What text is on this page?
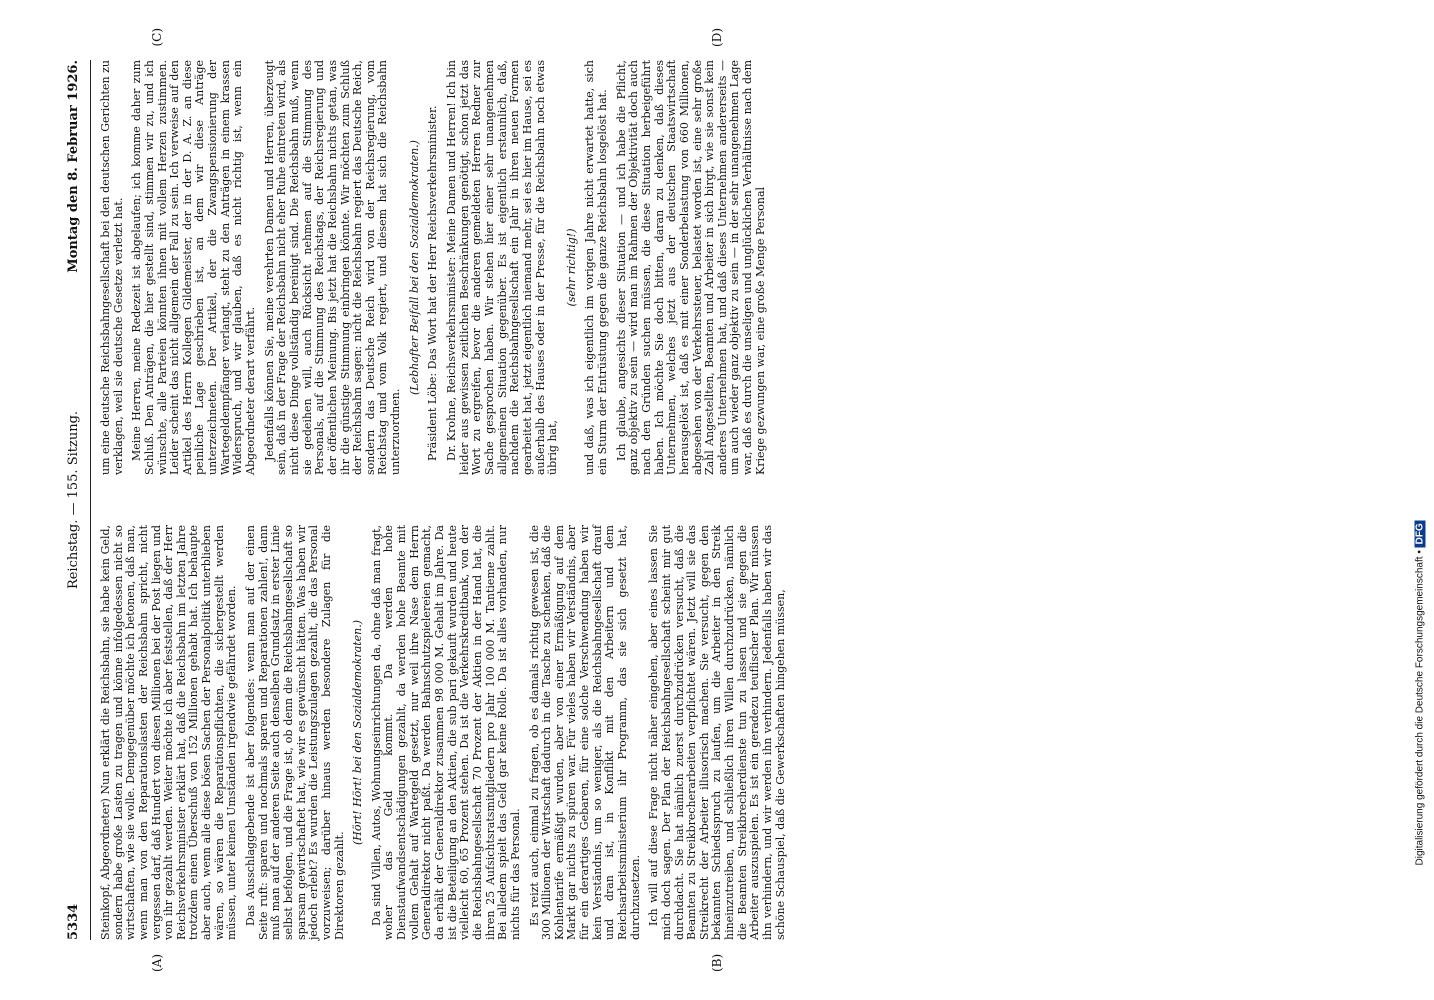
5334
Reichstag. — 155. Sitzung.
Montag den 8. Februar 1926.
(A)	(B)
(C)	(D)

Steinkopf, Abgeordneter) Nun erklärt die Reichsbahn, sie habe kein Geld, sondern habe große Lasten zu tragen und könne infolgedessen nicht so wirtschaften, wie sie wolle. Demgegenüber möchte ich betonen, daß man, wenn man von den Reparationslasten der Reichsbahn spricht, nicht vergessen darf, daß Hundert von diesen Millionen bei der Post liegen und von ihr gezahlt werden. Weiter möchte ich aber feststellen, daß der Herr Reichsverkehrsminister erklärt hat, daß die Reichsbahn im letzten Jahre trotzdem einen Überschuß von 152 Millionen gehabt hat. Ich behaupte aber auch, wenn alle diese bösen Sachen der Personalpolitik unterblieben wären, so wären die Reparationspflichten, die sichergestellt werden müssen, unter keinen Umständen irgendwie gefährdet worden. Das Ausschlaggebende ist aber folgendes: wenn man auf der einen Seite ruft: sparen und nochmals sparen und Reparationen zahlen!, dann muß man auf der anderen Seite auch denselben Grundsatz in erster Linie selbst befolgen, und die Frage ist, ob denn die Reichsbahngesellschaft so sparsam gewirtschaftet hat, wie wir es gewünscht hätten. Was haben wir jedoch erlebt? Es wurden die Leistungszulagen gezahlt, die das Personal vorzuweisen; darüber hinaus werden besondere Zulagen für die Direktoren gezahlt.

(Hört! Hört! bei den Sozialdemokraten.) Da sind Villen, Autos, Wohnungseinrichtungen da, ohne daß man fragt, woher das Geld kommt. Da werden hohe Dienstaufwandsentschädigungen gezahlt, da werden hohe Beamte mit vollem Gehalt auf Wartegeld gesetzt, nur weil ihre Nase dem Herrn Generaldirektor nicht paßt. Da werden Bahnschutzspielereien gemacht, da erhält der Generaldirektor zusammen 98 000 M. Gehalt im Jahre. Da ist die Beteiligung an den Aktien, die sub pari gekauft wurden und heute vielleicht 60, 65 Prozent stehen. Da ist die Verkehrskreditbank, von der die Reichsbahngesellschaft 70 Prozent der Aktien in der Hand hat, die ihren 25 Aufsichtsratsmitgliedern pro Jahr 100 000 M. Tantieme zahlt. Bei alledem spielt das Geld gar keine Rolle. Da ist alles vorhanden, nur nichts für das Personal. Es reizt auch, einmal zu fragen, ob es damals richtig gewesen ist, die 300 Millionen der Wirtschaft dadurch in die Tasche zu schenken, daß die Kohlentarife ermäßigt wurden, aber von einer Ermäßigung auf dem Markt gar nichts zu spüren war. Für vieles haben wir Verständnis, aber für ein derartiges Gebaren, für eine solche Verschwendung haben wir kein Verständnis, um so weniger, als die Reichsbahngesellschaft drauf und dran ist, in Konflikt mit den Arbeitern und dem Reichsarbeitsministerium ihr Programm, das sie sich gesetzt hat, durchzusetzen. Ich will auf diese Frage nicht näher eingehen, aber eines lassen Sie mich doch sagen. Der Plan der Reichsbahngesellschaft scheint mir gut durchdacht. Sie hat nämlich zuerst durchzudrücken versucht, daß die Beamten zu Streikbrecherarbeiten verpflichtet wären. Jetzt will sie das Streikrecht der Arbeiter illusorisch machen. Sie versucht, gegen den bekannten Schiedsspruch zu laufen, um die Arbeiter in den Streik hineinzutreiben, und schließlich ihren Willen durchzudrücken, nämlich die Beamten Streikbrecherdienste tun zu lassen und sie gegen die Arbeiter auszuspielen. Es ist ein geradezu teuflischer Plan. Wir müssen ihn verhindern, und wir werden ihn verhindern. Jedenfalls haben wir das schöne Schauspiel, daß die Gewerkschaften hingehen müssen,

um eine deutsche Reichsbahngesellschaft bei den deutschen Gerichten zu verklagen, weil sie deutsche Gesetze verletzt hat. Meine Herren, meine Redezeit ist abgelaufen; ich komme daher zum Schluß. Den Anträgen, die hier gestellt sind, stimmen wir zu, und ich wünschte, alle Parteien könnten ihnen mit vollem Herzen zustimmen. Leider scheint das nicht allgemein der Fall zu sein. Ich verweise auf den Artikel des Herrn Kollegen Gildemeister, der in der D. A. Z. an diese peinliche Lage geschrieben ist, an dem wir diese Anträge unterzeichneten. Der Artikel, der die Zwangspensionierung der Wartegeldempfänger verlangt, steht zu den Anträgen in einem krassen Widerspruch, und wir glauben, daß es nicht richtig ist, wenn ein Abgeordneter derart verfährt. Jedenfalls können Sie, meine verehrten Damen und Herren, überzeugt sein, daß in der Frage der Reichsbahn nicht eher Ruhe eintreten wird, als nicht diese Dinge vollständig bereinigt sind. Die Reichsbahn muß, wenn sie gedeihen will, auch Rücksicht nehmen auf die Stimmung des Personals, auf die Stimmung des Reichstags, der Reichsregierung und der öffentlichen Meinung. Bis jetzt hat die Reichsbahn nichts getan, was ihr die günstige Stimmung einbringen könnte. Wir möchten zum Schluß der Reichsbahn sagen: nicht die Reichsbahn regiert das Deutsche Reich, sondern das Deutsche Reich wird von der Reichsregierung, vom Reichstag und vom Volk regiert, und diesem hat sich die Reichsbahn unterzuordnen.

(Lebhafter Beifall bei den Sozialdemokraten.) Präsident Löbe: Das Wort hat der Herr Reichsverkehrsminister. Dr. Krohne, Reichsverkehrsminister: Meine Damen und Herren! Ich bin leider aus gewissen zeitlichen Beschränkungen genötigt, schon jetzt das Wort zu ergreifen, bevor die anderen gemeldeten Herren Redner zur Sache gesprochen haben. Wir stehen hier einer sehr unangenehmen allgemeinen Situation gegenüber. Es ist eigentlich erstaunlich, daß, nachdem die Reichsbahngesellschaft ein Jahr in ihren neuen Formen gearbeitet hat, jetzt eigentlich niemand mehr, sei es hier im Hause, sei es außerhalb des Hauses oder in der Presse, für die Reichsbahn noch etwas übrig hat,

(sehr richtig!) und daß, was ich eigentlich im vorigen Jahre nicht erwartet hatte, sich ein Sturm der Entrüstung gegen die ganze Reichsbahn losgelöst hat. Ich glaube, angesichts dieser Situation — und ich habe die Pflicht, ganz objektiv zu sein — wird man im Rahmen der Objektivität doch auch nach den Gründen suchen müssen, die diese Situation herbeigeführt haben. Ich möchte Sie doch bitten, daran zu denken, daß dieses Unternehmen, welches jetzt aus der deutschen Staatswirtschaft herausgelöst ist, daß es mit einer Sonderbelastung von 660 Millionen, abgesehen von der Verkehrssteuer, belastet worden ist, eine sehr große Zahl Angestellten, Beamten und Arbeiter in sich birgt, wie sie sonst kein anderes Unternehmen hat, und daß dieses Unternehmen andererseits — um auch wieder ganz objektiv zu sein — in der sehr unangenehmen Lage war, daß es durch die unseligen und unglücklichen Verhältnisse nach dem Kriege gezwungen war, eine große Menge Personal

Digitalisierung gefördert durch die Deutsche Forschungsgemeinschaft • DFG
